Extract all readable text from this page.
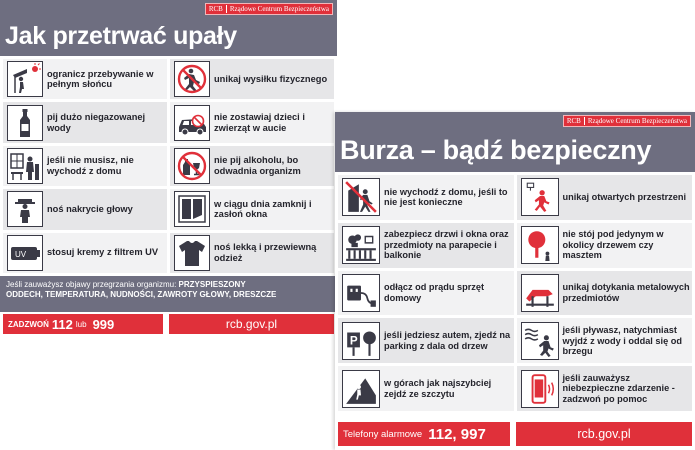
RCB	Rządowe Centrum Bezpieczeństwa
Jak przetrwać upały
ogranicz przebywanie w pełnym słońcu
unikaj wysiłku fizycznego
pij dużo niegazowanej wody
nie zostawiaj dzieci i zwierząt w aucie
jeśli nie musisz, nie wychodź z domu
nie pij alkoholu, bo odwadnia organizm
noś nakrycie głowy
w ciągu dnia zamknij i zasłoń okna
UV stosuj kremy z filtrem UV
noś lekką i przewiewną odzież
Jeśli zauważysz objawy przegrzania organizmu: PRZYSPIESZONY
ODDECH, TEMPERATURA, NUDNOŚCI, ZAWROTY GŁOWY, DRESZCZE
ZADZWOŃ 112 lub 999	rcb.gov.pl
RCB	Rządowe Centrum Bezpieczeństwa
Burza – bądź bezpieczny
nie wychodź z domu, jeśli to nie jest konieczne
unikaj otwartych przestrzeni
zabezpiecz drzwi i okna oraz przedmioty na parapecie i balkonie
nie stój pod jedynym w okolicy drzewem czy masztem
odłącz od prądu sprzęt domowy
unikaj dotykania metalowych przedmiotów
P	jeśli jedziesz autem, zjedź na parking z dala od drzew
jeśli pływasz, natychmiast wyjdź z wody i oddal się od brzegu
w górach jak najszybciej zejdź ze szczytu
jeśli zauważysz niebezpieczne zdarzenie - zadzwoń po pomoc
Telefony alarmowe 112, 997	rcb.gov.pl
